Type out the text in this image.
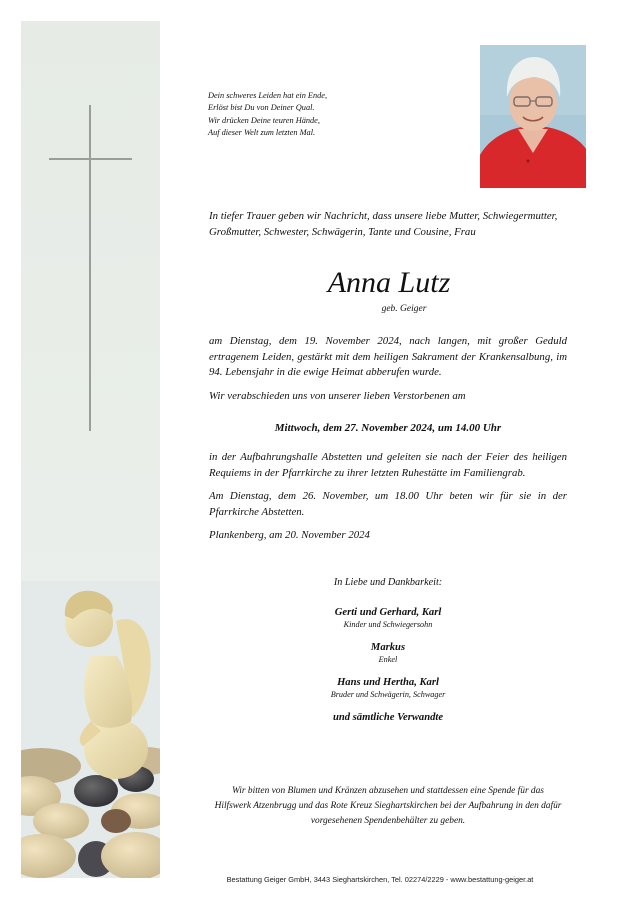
Dein schweres Leiden hat ein Ende,
Erlöst bist Du von Deiner Qual.
Wir drücken Deine teuren Hände,
Auf dieser Welt zum letzten Mal.
In tiefer Trauer geben wir Nachricht, dass unsere liebe Mutter, Schwiegermutter, Großmutter, Schwester, Schwägerin, Tante und Cousine, Frau
Anna Lutz
geb. Geiger
am Dienstag, dem 19. November 2024, nach langen, mit großer Geduld ertragenem Leiden, gestärkt mit dem heiligen Sakrament der Krankensalbung, im 94. Lebensjahr in die ewige Heimat abberufen wurde.
Wir verabschieden uns von unserer lieben Verstorbenen am
Mittwoch, dem 27. November 2024, um 14.00 Uhr
in der Aufbahrungshalle Abstetten und geleiten sie nach der Feier des heiligen Requiems in der Pfarrkirche zu ihrer letzten Ruhestätte im Familiengrab.
Am Dienstag, dem 26. November, um 18.00 Uhr beten wir für sie in der Pfarrkirche Abstetten.
Plankenberg, am 20. November 2024
In Liebe und Dankbarkeit:
Gerti und Gerhard, Karl
Kinder und Schwiegersohn
Markus
Enkel
Hans und Hertha, Karl
Bruder und Schwägerin, Schwager
und sämtliche Verwandte
Wir bitten von Blumen und Kränzen abzusehen und stattdessen eine Spende für das Hilfswerk Atzenbrugg und das Rote Kreuz Sieghartskirchen bei der Aufbahrung in den dafür vorgesehenen Spendenbehälter zu geben.
Bestattung Geiger GmbH, 3443 Sieghartskirchen, Tel. 02274/2229 - www.bestattung-geiger.at
